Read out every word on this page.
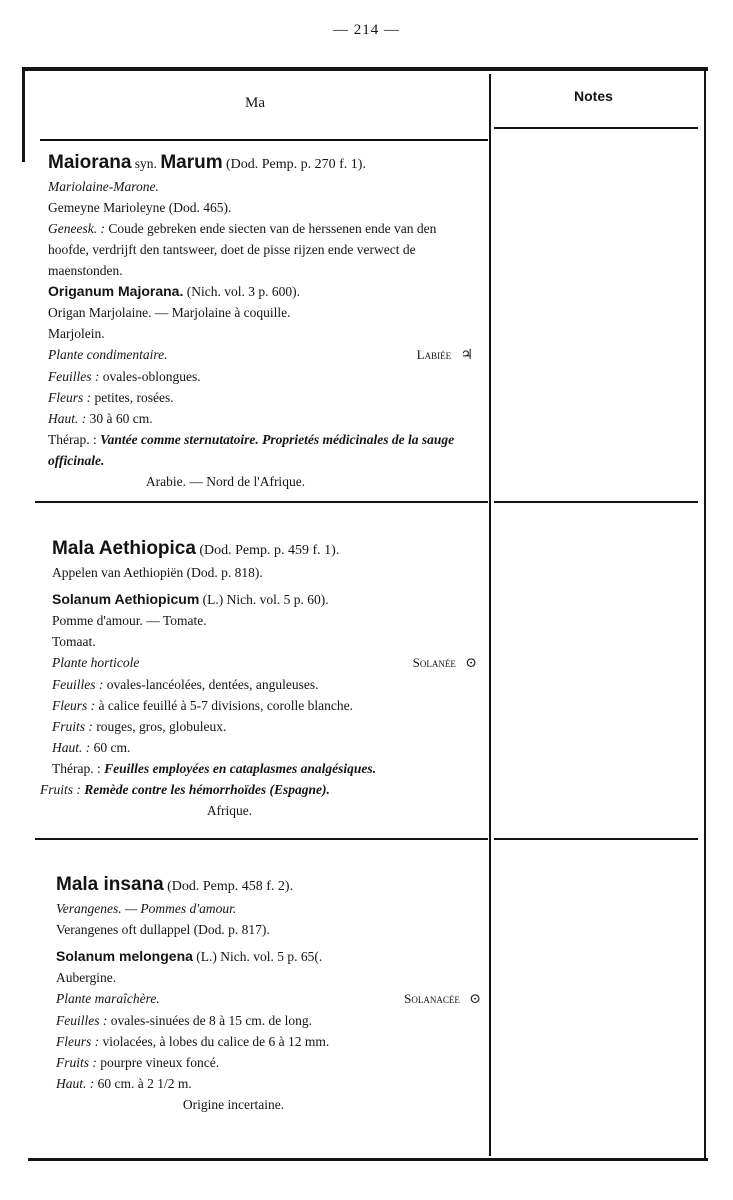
— 214 —
Ma	Notes
Maiorana syn. Marum (Dod. Pemp. p. 270 f. 1).
Mariolaine-Marone.
Gemeyne Marioleyne (Dod. 465).
Geneesk. : Coude gebreken ende siecten van de herssenen ende van den hoofde, verdrijft den tantsweer, doet de pisse rijzen ende verwect de maenstonden.
Origanum Majorana. (Nich. vol. 3 p. 600).
Origan Marjolaine. — Marjolaine à coquille.
Marjolein.
Plante condimentaire.	Labiée ♃
Feuilles : ovales-oblongues.
Fleurs : petites, rosées.
Haut. : 30 à 60 cm.
Thérap. : Vantée comme sternutatoire. Proprietés médicinales de la sauge officinale.
Arabie. — Nord de l'Afrique.
Mala Aethiopica (Dod. Pemp. p. 459 f. 1).
Appelen van Aethiopiën (Dod. p. 818).
Solanum Aethiopicum (L.) Nich. vol. 5 p. 60).
Pomme d'amour. — Tomate.
Tomaat.
Plante horticole	Solanée ⊙
Feuilles : ovales-lancéolées, dentées, anguleuses.
Fleurs : à calice feuillé à 5-7 divisions, corolle blanche.
Fruits : rouges, gros, globuleux.
Haut. : 60 cm.
Thérap. : Feuilles employées en cataplasmes analgésiques.
Fruits : Remède contre les hémorrhoïdes (Espagne).
Afrique.
Mala insana (Dod. Pemp. 458 f. 2).
Verangenes. — Pommes d'amour.
Verangenes oft dullappel (Dod. p. 817).
Solanum melongena (L.) Nich. vol. 5 p. 65(.
Aubergine.
Plante maraîchère.	Solanacée ⊙
Feuilles : ovales-sinuées de 8 à 15 cm. de long.
Fleurs : violacées, à lobes du calice de 6 à 12 mm.
Fruits : pourpre vineux foncé.
Haut. : 60 cm. à 2 1/2 m.
Origine incertaine.
